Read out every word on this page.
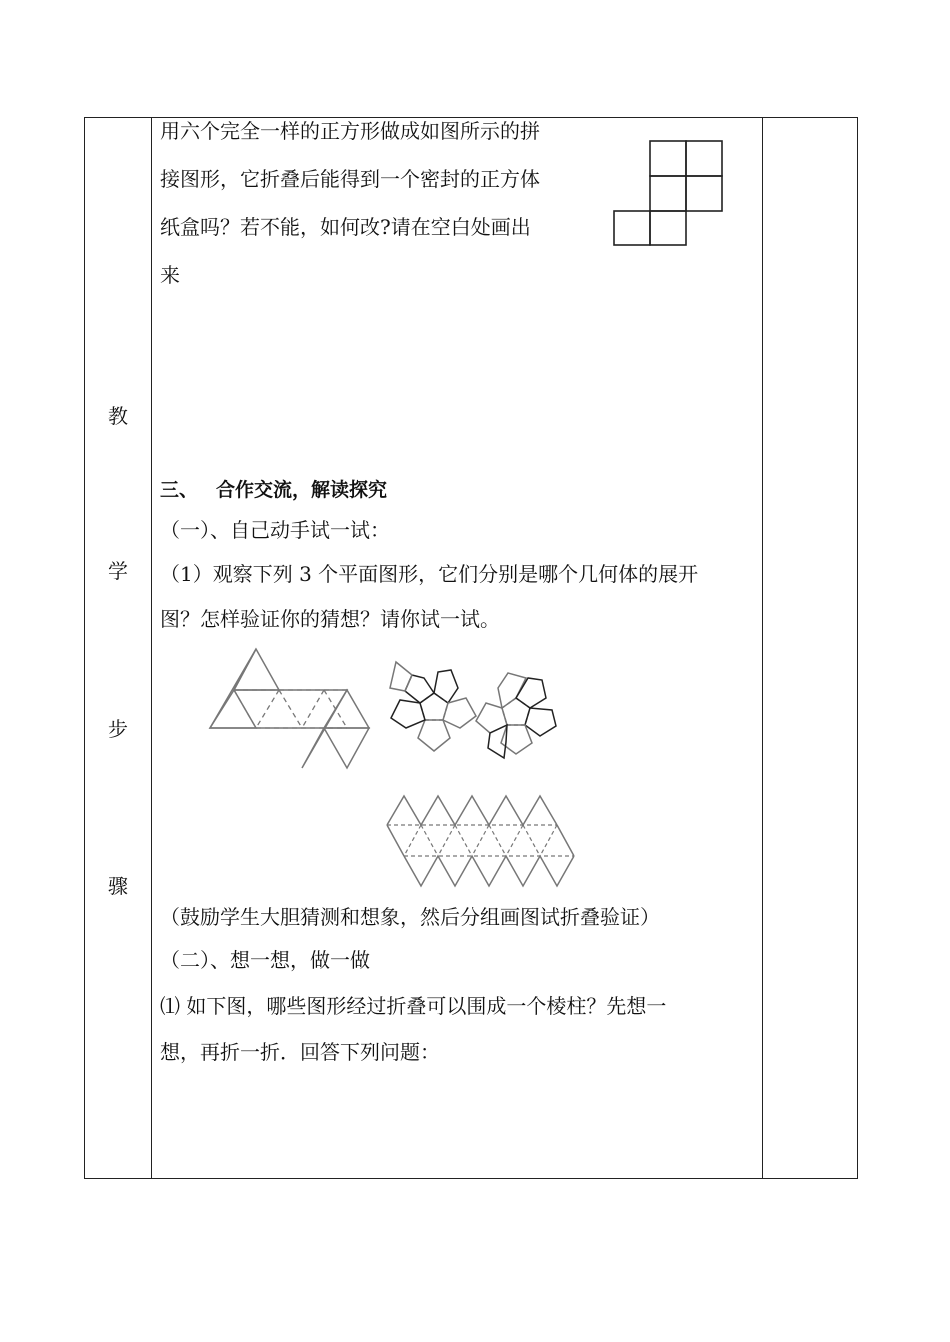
教
学
步
骤
用六个完全一样的正方形做成如图所示的拼
接图形，它折叠后能得到一个密封的正方体
纸盒吗？若不能，如何改?请在空白处画出
来
三、 合作交流，解读探究
（一）、自己动手试一试：
（1）观察下列 3 个平面图形，它们分别是哪个几何体的展开
图？怎样验证你的猜想？请你试一试。
（鼓励学生大胆猜测和想象，然后分组画图试折叠验证）
（二）、想一想，做一做
⑴ 如下图，哪些图形经过折叠可以围成一个棱柱？先想一
想，再折一折．回答下列问题：
